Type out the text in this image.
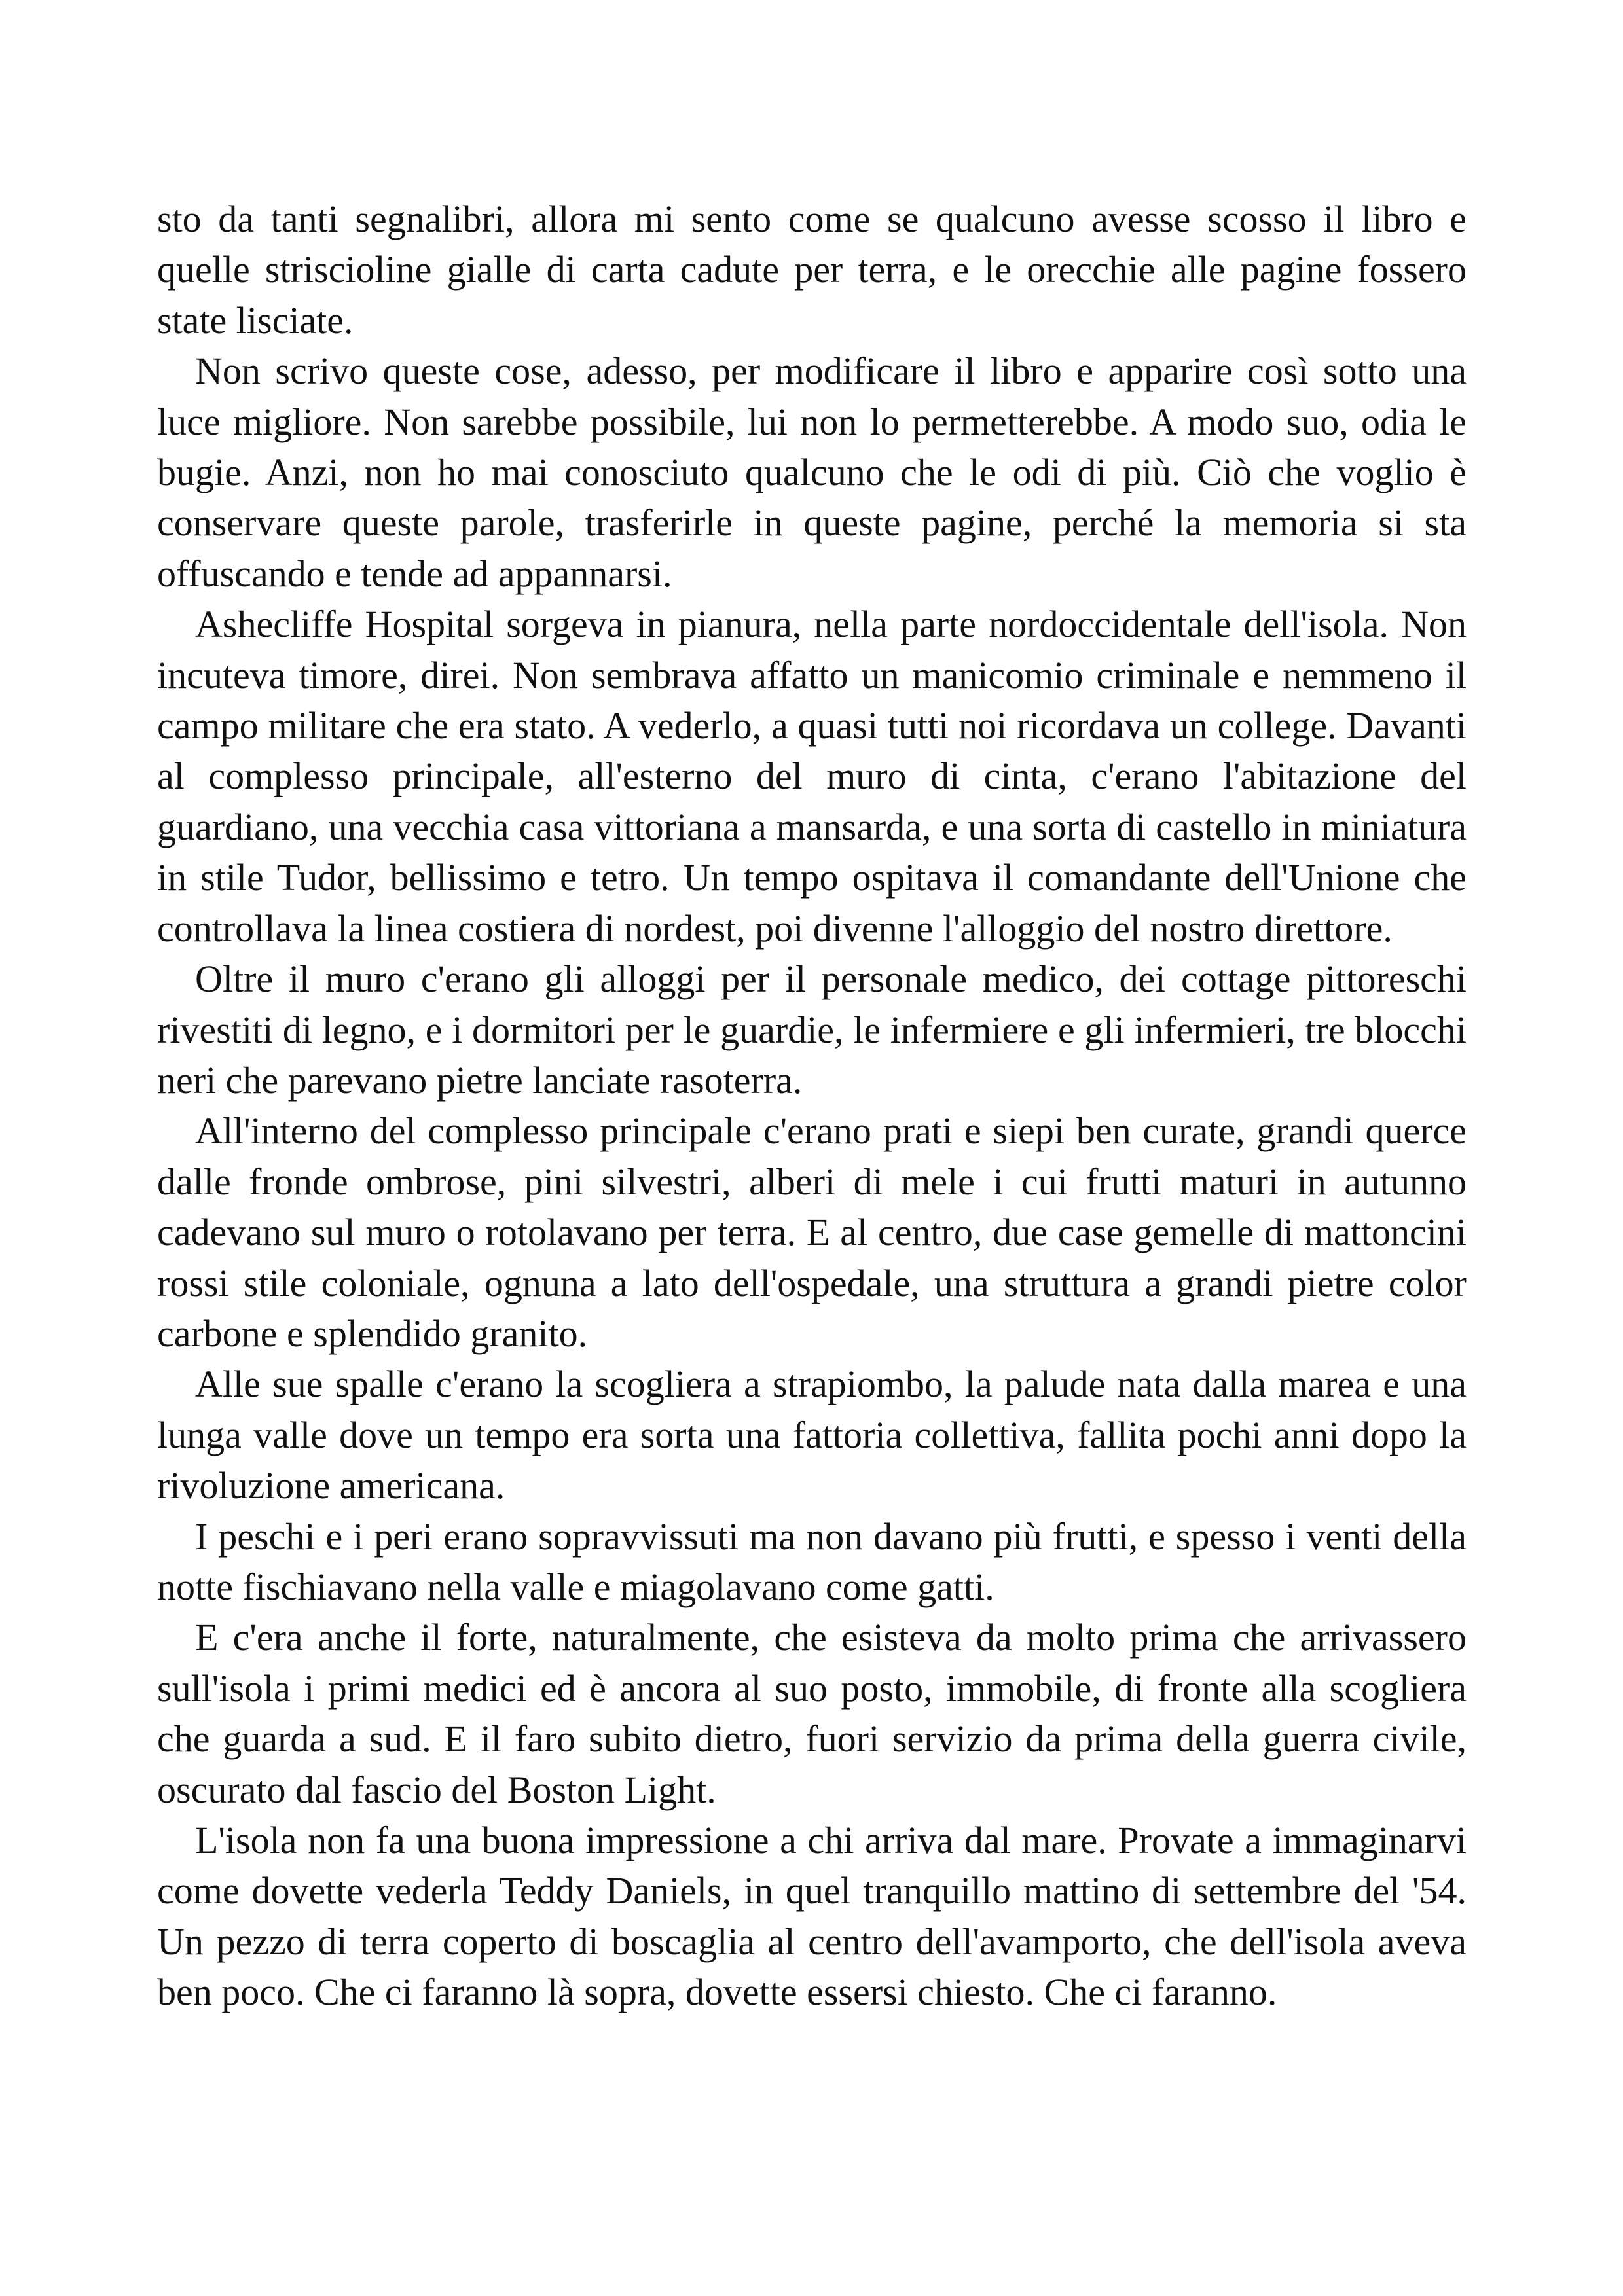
sto da tanti segnalibri, allora mi sento come se qualcuno avesse scosso il libro e quelle striscioline gialle di carta cadute per terra, e le orecchie alle pagine fossero state lisciate.

Non scrivo queste cose, adesso, per modificare il libro e apparire così sotto una luce migliore. Non sarebbe possibile, lui non lo permetterebbe. A modo suo, odia le bugie. Anzi, non ho mai conosciuto qualcuno che le odi di più. Ciò che voglio è conservare queste parole, trasferirle in queste pagine, perché la memoria si sta offuscando e tende ad appannarsi.

Ashecliffe Hospital sorgeva in pianura, nella parte nordoccidentale dell'isola. Non incuteva timore, direi. Non sembrava affatto un manicomio criminale e nemmeno il campo militare che era stato. A vederlo, a quasi tutti noi ricordava un college. Davanti al complesso principale, all'esterno del muro di cinta, c'erano l'abitazione del guardiano, una vecchia casa vittoriana a mansarda, e una sorta di castello in miniatura in stile Tudor, bellissimo e tetro. Un tempo ospitava il comandante dell'Unione che controllava la linea costiera di nordest, poi divenne l'alloggio del nostro direttore.

Oltre il muro c'erano gli alloggi per il personale medico, dei cottage pittoreschi rivestiti di legno, e i dormitori per le guardie, le infermiere e gli infermieri, tre blocchi neri che parevano pietre lanciate rasoterra.

All'interno del complesso principale c'erano prati e siepi ben curate, grandi querce dalle fronde ombrose, pini silvestri, alberi di mele i cui frutti maturi in autunno cadevano sul muro o rotolavano per terra. E al centro, due case gemelle di mattoncini rossi stile coloniale, ognuna a lato dell'ospedale, una struttura a grandi pietre color carbone e splendido granito.

Alle sue spalle c'erano la scogliera a strapiombo, la palude nata dalla marea e una lunga valle dove un tempo era sorta una fattoria collettiva, fallita pochi anni dopo la rivoluzione americana.

I peschi e i peri erano sopravvissuti ma non davano più frutti, e spesso i venti della notte fischiavano nella valle e miagolavano come gatti.

E c'era anche il forte, naturalmente, che esisteva da molto prima che arrivassero sull'isola i primi medici ed è ancora al suo posto, immobile, di fronte alla scogliera che guarda a sud. E il faro subito dietro, fuori servizio da prima della guerra civile, oscurato dal fascio del Boston Light.

L'isola non fa una buona impressione a chi arriva dal mare. Provate a immaginarvi come dovette vederla Teddy Daniels, in quel tranquillo mattino di settembre del '54. Un pezzo di terra coperto di boscaglia al centro dell'avamporto, che dell'isola aveva ben poco. Che ci faranno là sopra, dovette essersi chiesto. Che ci faranno.
